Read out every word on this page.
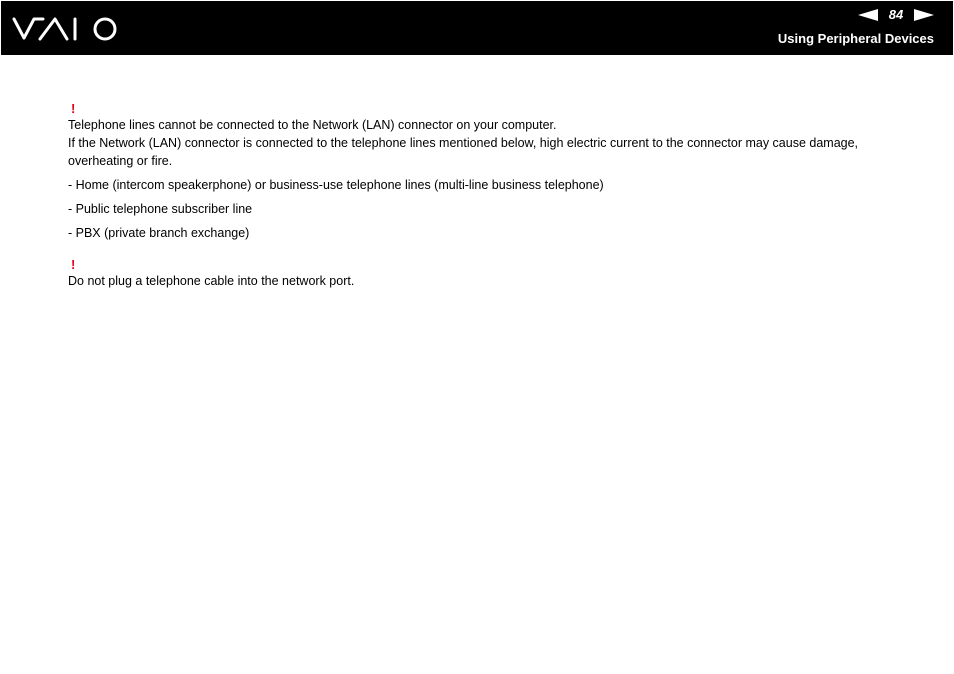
84
Using Peripheral Devices
!

Telephone lines cannot be connected to the Network (LAN) connector on your computer.

If the Network (LAN) connector is connected to the telephone lines mentioned below, high electric current to the connector may cause damage, overheating or fire.

- Home (intercom speakerphone) or business-use telephone lines (multi-line business telephone)

- Public telephone subscriber line

- PBX (private branch exchange)

!

Do not plug a telephone cable into the network port.
